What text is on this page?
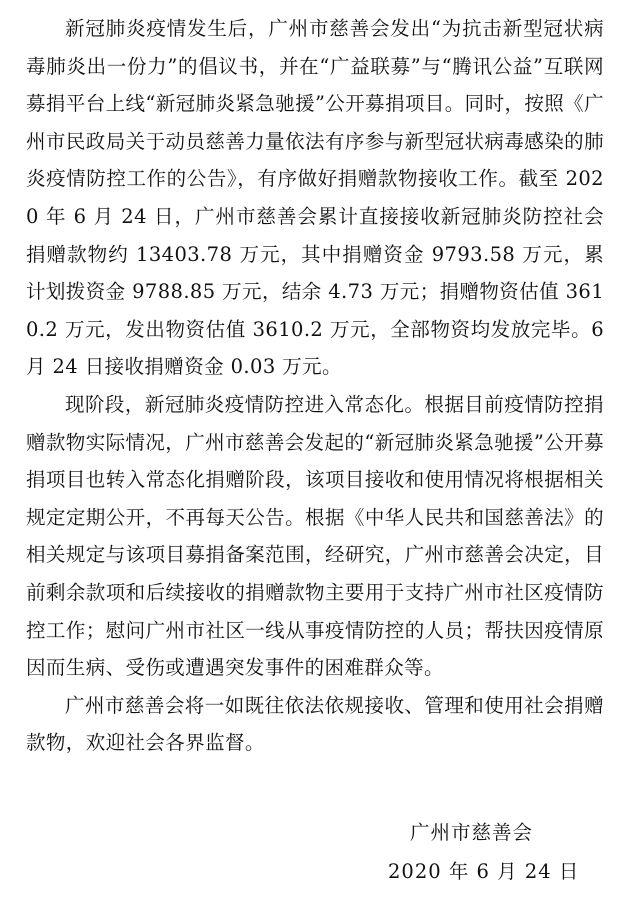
新冠肺炎疫情发生后，广州市慈善会发出“为抗击新型冠状病毒肺炎出一份力”的倡议书，并在“广益联募”与“腾讯公益”互联网募捐平台上线“新冠肺炎紧急驰援”公开募捐项目。同时，按照《广州市民政局关于动员慈善力量依法有序参与新型冠状病毒感染的肺炎疫情防控工作的公告》，有序做好捐赠款物接收工作。截至 2020 年 6 月 24 日，广州市慈善会累计直接接收新冠肺炎防控社会捐赠款物约 13403.78 万元，其中捐赠资金 9793.58 万元，累计划拨资金 9788.85 万元，结余 4.73 万元；捐赠物资估值 3610.2 万元，发出物资估值 3610.2 万元，全部物资均发放完毕。6 月 24 日接收捐赠资金 0.03 万元。

现阶段，新冠肺炎疫情防控进入常态化。根据目前疫情防控捐赠款物实际情况，广州市慈善会发起的“新冠肺炎紧急驰援”公开募捐项目也转入常态化捐赠阶段，该项目接收和使用情况将根据相关规定定期公开，不再每天公告。根据《中华人民共和国慈善法》的相关规定与该项目募捐备案范围，经研究，广州市慈善会决定，目前剩余款项和后续接收的捐赠款物主要用于支持广州市社区疫情防控工作；慰问广州市社区一线从事疫情防控的人员；帮扶因疫情原因而生病、受伤或遭遇突发事件的困难群众等。

广州市慈善会将一如既往依法依规接收、管理和使用社会捐赠款物，欢迎社会各界监督。

广州市慈善会
2020 年 6 月 24 日
